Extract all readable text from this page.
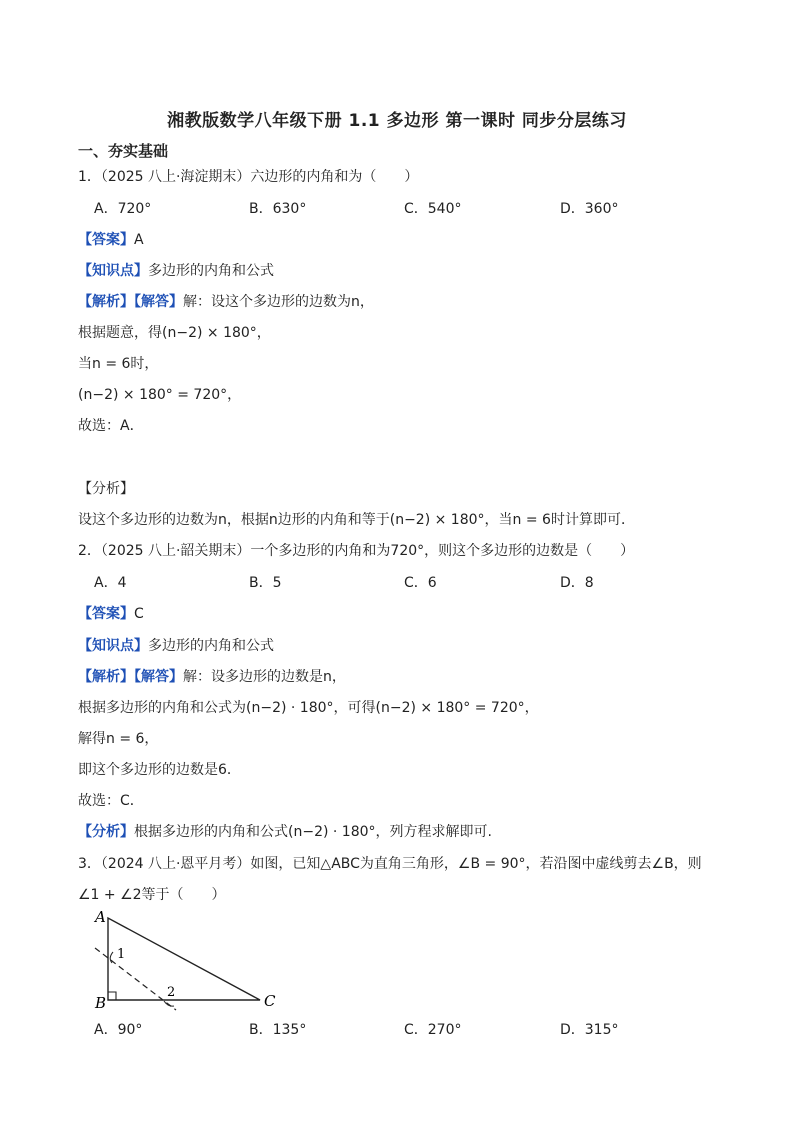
湘教版数学八年级下册 1.1 多边形 第一课时 同步分层练习
一、夯实基础
1．（2025 八上·海淀期末）六边形的内角和为（　　）
A．720°	B．630°	C．540°	D．360°
【答案】A
【知识点】多边形的内角和公式
【解析】【解答】解：设这个多边形的边数为n，
根据题意，得(n−2) × 180°，
当n = 6时，
(n−2) × 180° = 720°，
故选：A．
【分析】
设这个多边形的边数为n，根据n边形的内角和等于(n−2) × 180°，当n = 6时计算即可．
2．（2025 八上·韶关期末）一个多边形的内角和为720°，则这个多边形的边数是（　　）
A．4	B．5	C．6	D．8
【答案】C
【知识点】多边形的内角和公式
【解析】【解答】解：设多边形的边数是n，
根据多边形的内角和公式为(n−2) · 180°，可得(n−2) × 180° = 720°，
解得n = 6，
即这个多边形的边数是6．
故选：C．
【分析】根据多边形的内角和公式(n−2) · 180°，列方程求解即可.
3．（2024 八上·恩平月考）如图，已知△ABC为直角三角形，∠B = 90°，若沿图中虚线剪去∠B，则
∠1 + ∠2等于（　　）
A
B	C
1
2
A．90°	B．135°	C．270°	D．315°
